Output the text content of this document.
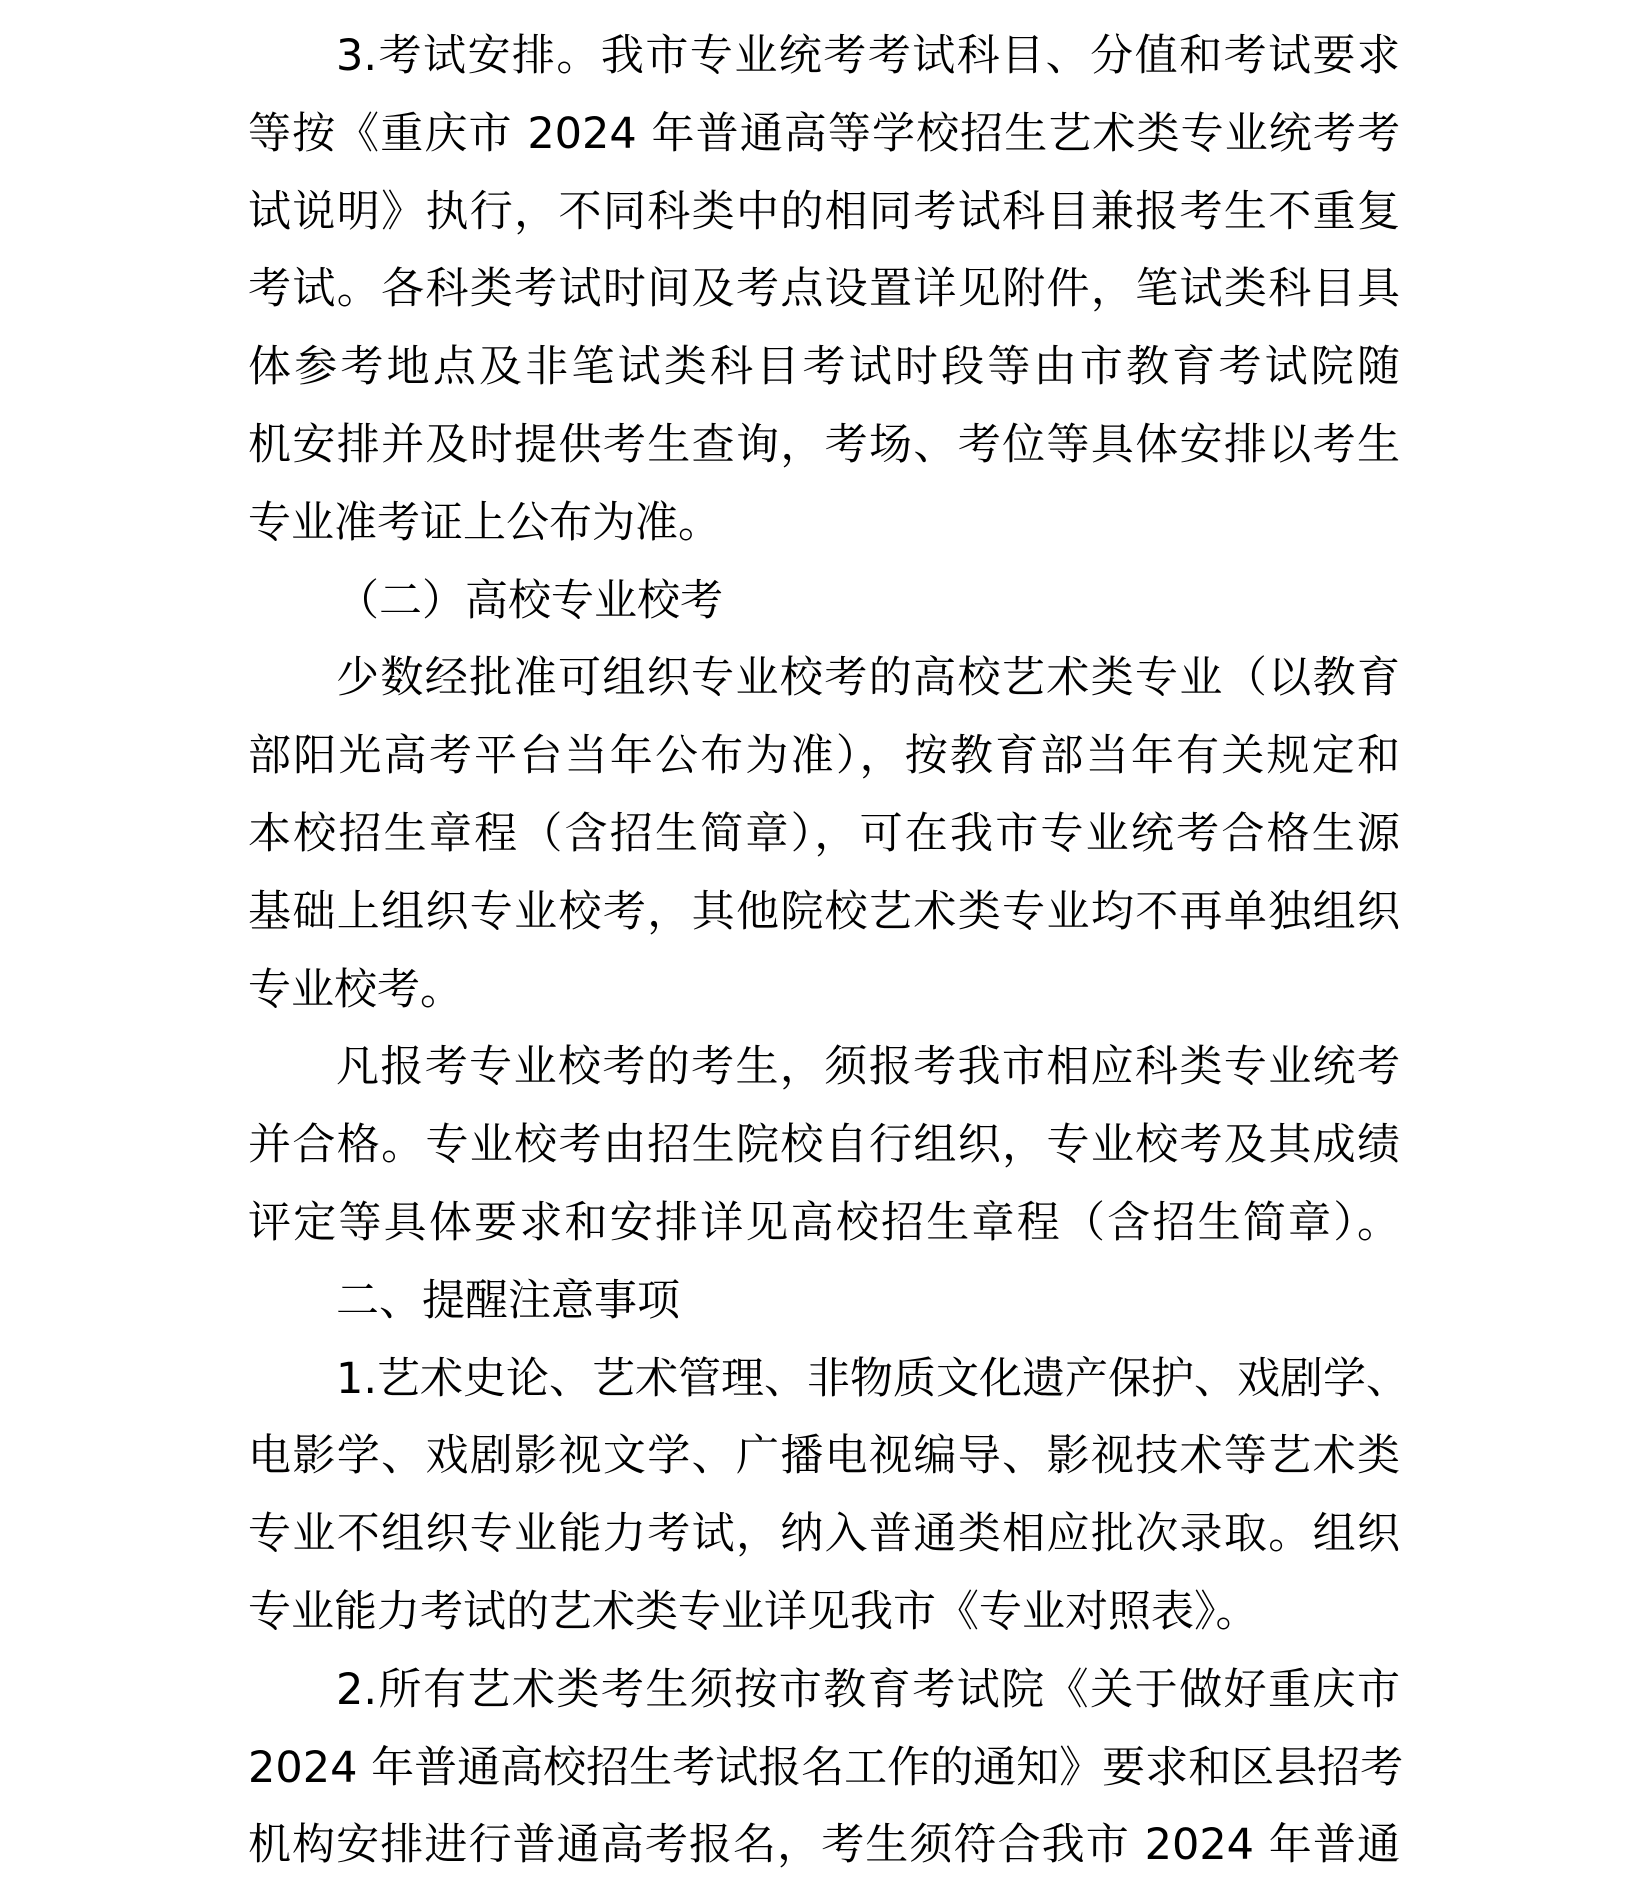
3.考试安排。我市专业统考考试科目、分值和考试要求
等按《重庆市 2024 年普通高等学校招生艺术类专业统考考
试说明》执行，不同科类中的相同考试科目兼报考生不重复
考试。各科类考试时间及考点设置详见附件，笔试类科目具
体参考地点及非笔试类科目考试时段等由市教育考试院随
机安排并及时提供考生查询，考场、考位等具体安排以考生
专业准考证上公布为准。
（二）高校专业校考
少数经批准可组织专业校考的高校艺术类专业（以教育
部阳光高考平台当年公布为准），按教育部当年有关规定和
本校招生章程（含招生简章），可在我市专业统考合格生源
基础上组织专业校考，其他院校艺术类专业均不再单独组织
专业校考。
凡报考专业校考的考生，须报考我市相应科类专业统考
并合格。专业校考由招生院校自行组织，专业校考及其成绩
评定等具体要求和安排详见高校招生章程（含招生简章）。
二、提醒注意事项
1.艺术史论、艺术管理、非物质文化遗产保护、戏剧学、
电影学、戏剧影视文学、广播电视编导、影视技术等艺术类
专业不组织专业能力考试，纳入普通类相应批次录取。组织
专业能力考试的艺术类专业详见我市《专业对照表》。
2.所有艺术类考生须按市教育考试院《关于做好重庆市
2024 年普通高校招生考试报名工作的通知》要求和区县招考
机构安排进行普通高考报名，考生须符合我市 2024 年普通
